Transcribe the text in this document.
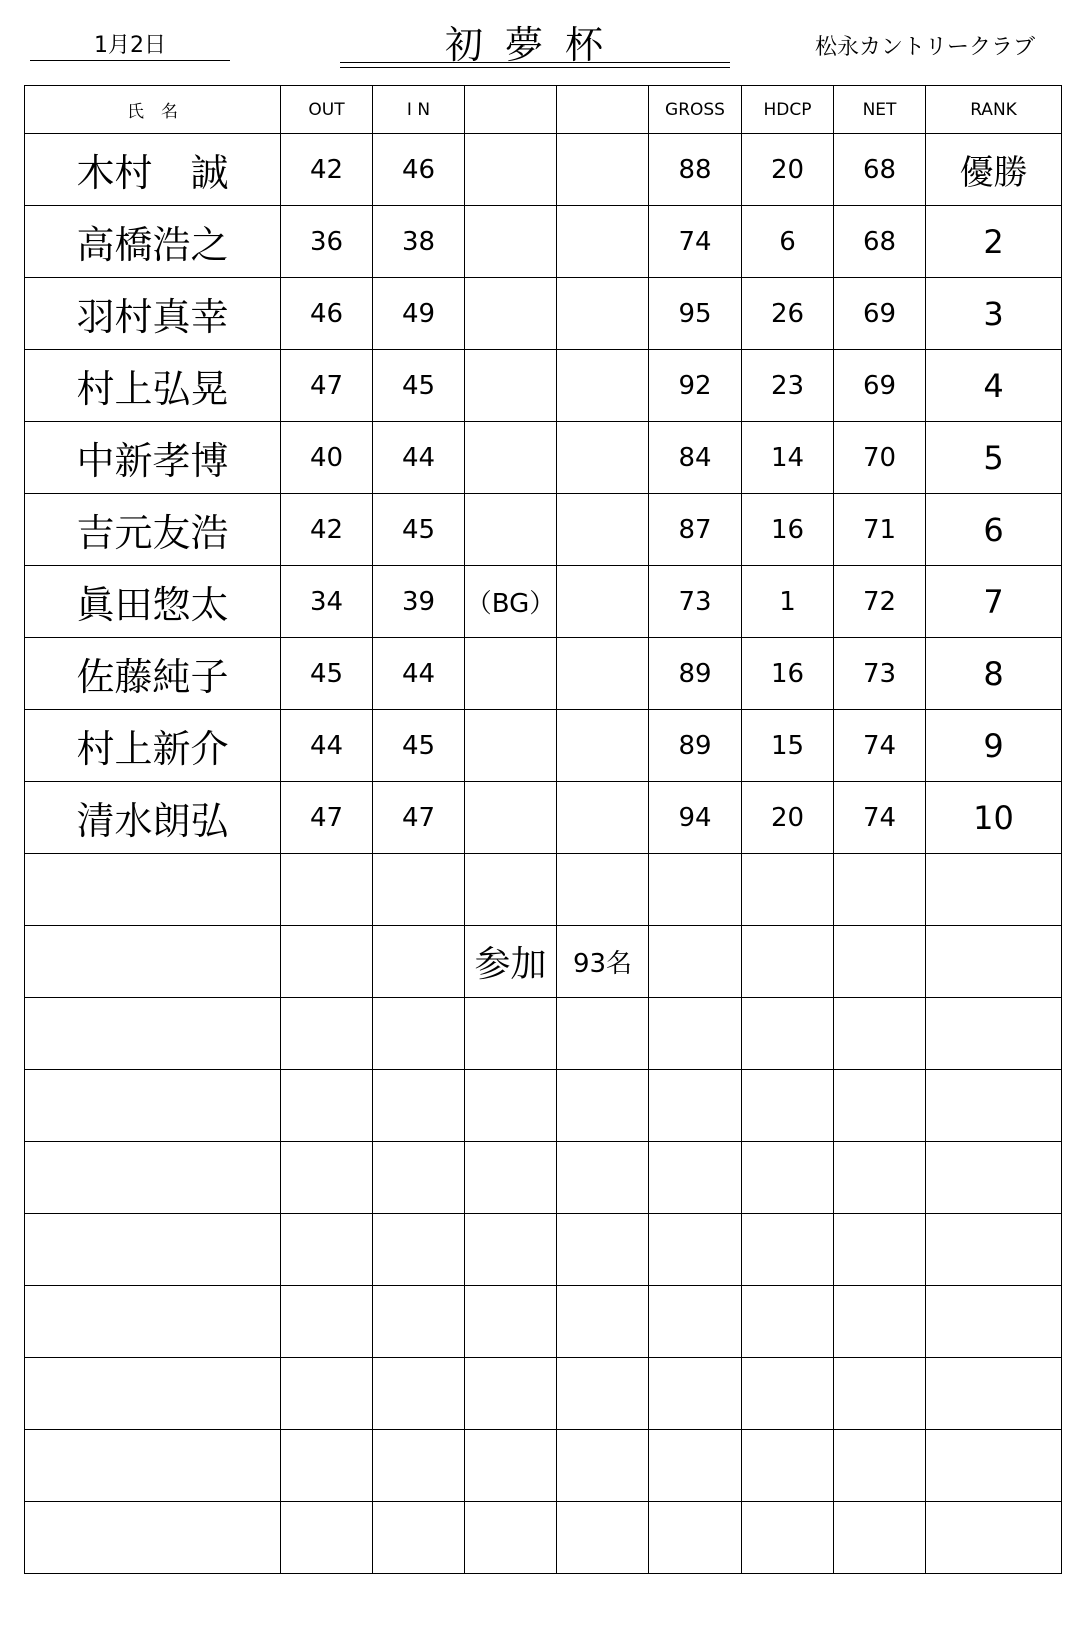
1月2日	初夢杯	松永カントリークラブ
氏　名	OUT	I N			GROSS	HDCP	NET	RANK
木村　誠	42	46			88	20	68	優勝
高橋浩之	36	38			74	6	68	2
羽村真幸	46	49			95	26	69	3
村上弘晃	47	45			92	23	69	4
中新孝博	40	44			84	14	70	5
吉元友浩	42	45			87	16	71	6
眞田惣太	34	39	（BG）		73	1	72	7
佐藤純子	45	44			89	16	73	8
村上新介	44	45			89	15	74	9
清水朗弘	47	47			94	20	74	10

			参加	93名				
